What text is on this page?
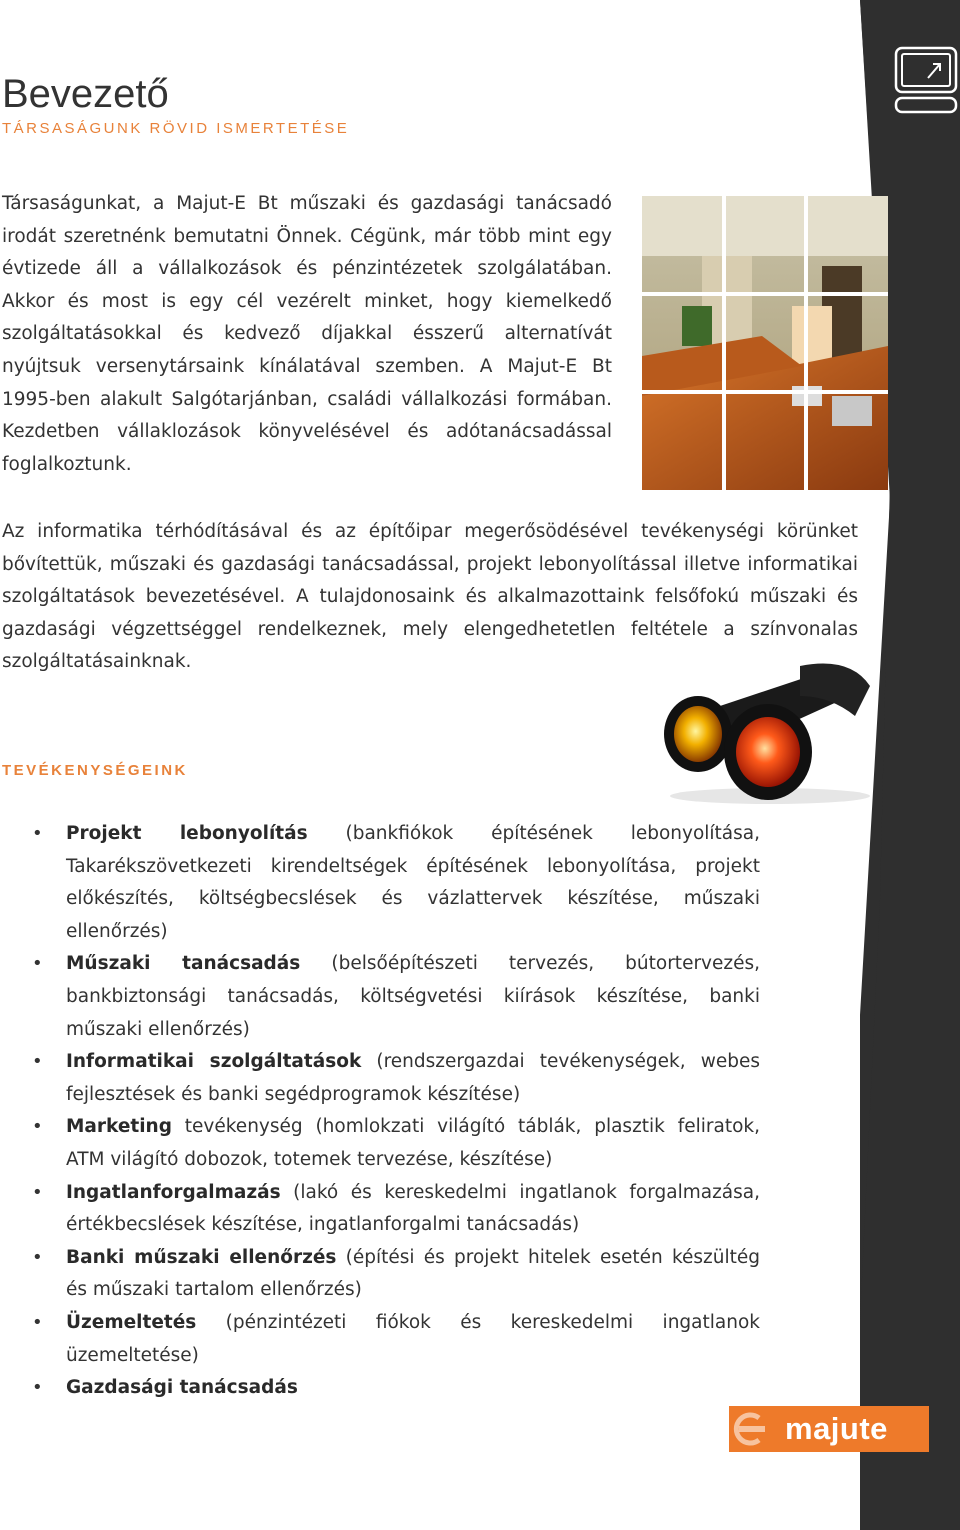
Bevezető
TÁRSASÁGUNK RÖVID ISMERTETÉSE
Társaságunkat, a Majut-E Bt műszaki és gazdasági tanácsadó irodát szeretnénk bemutatni Önnek. Cégünk, már több mint egy évtizede áll a vállalkozások és pénzintézetek szolgálatában. Akkor és most is egy cél vezérelt minket, hogy kiemelkedő szolgáltatásokkal és kedvező díjakkal ésszerű alternatívát nyújtsuk versenytársaink kínálatával szemben. A Majut-E Bt 1995-ben alakult Salgótarjánban, családi vállalkozási formában. Kezdetben vállaklozások könyvelésével és adótanácsadással foglalkoztunk.
Az informatika térhódításával és az építőipar megerősödésével tevékenységi körünket bővítettük, műszaki és gazdasági tanácsadással, projekt lebonyolítással illetve informatikai szolgáltatások bevezetésével. A tulajdonosaink és alkalmazottaink felsőfokú műszaki és gazdasági végzettséggel rendelkeznek, mely elengedhetetlen feltétele a színvonalas szolgáltatásainknak.
TEVÉKENYSÉGEINK
• Projekt lebonyolítás (bankfiókok építésének lebonyolítása, Takarékszövetkezeti kirendeltségek építésének lebonyolítása, projekt előkészítés, költségbecslések és vázlattervek készítése, műszaki ellenőrzés)
• Műszaki tanácsadás (belsőépítészeti tervezés, bútortervezés, bankbiztonsági tanácsadás, költségvetési kiírások készítése, banki műszaki ellenőrzés)
• Informatikai szolgáltatások (rendszergazdai tevékenységek, webes fejlesztések és banki segédprogramok készítése)
• Marketing tevékenység (homlokzati világító táblák, plasztik feliratok, ATM világító dobozok, totemek tervezése, készítése)
• Ingatlanforgalmazás (lakó és kereskedelmi ingatlanok forgalmazása, értékbecslések készítése, ingatlanforgalmi tanácsadás)
• Banki műszaki ellenőrzés (építési és projekt hitelek esetén készültég és műszaki tartalom ellenőrzés)
• Üzemeltetés (pénzintézeti fiókok és kereskedelmi ingatlanok üzemeltetése)
• Gazdasági tanácsadás
majute
